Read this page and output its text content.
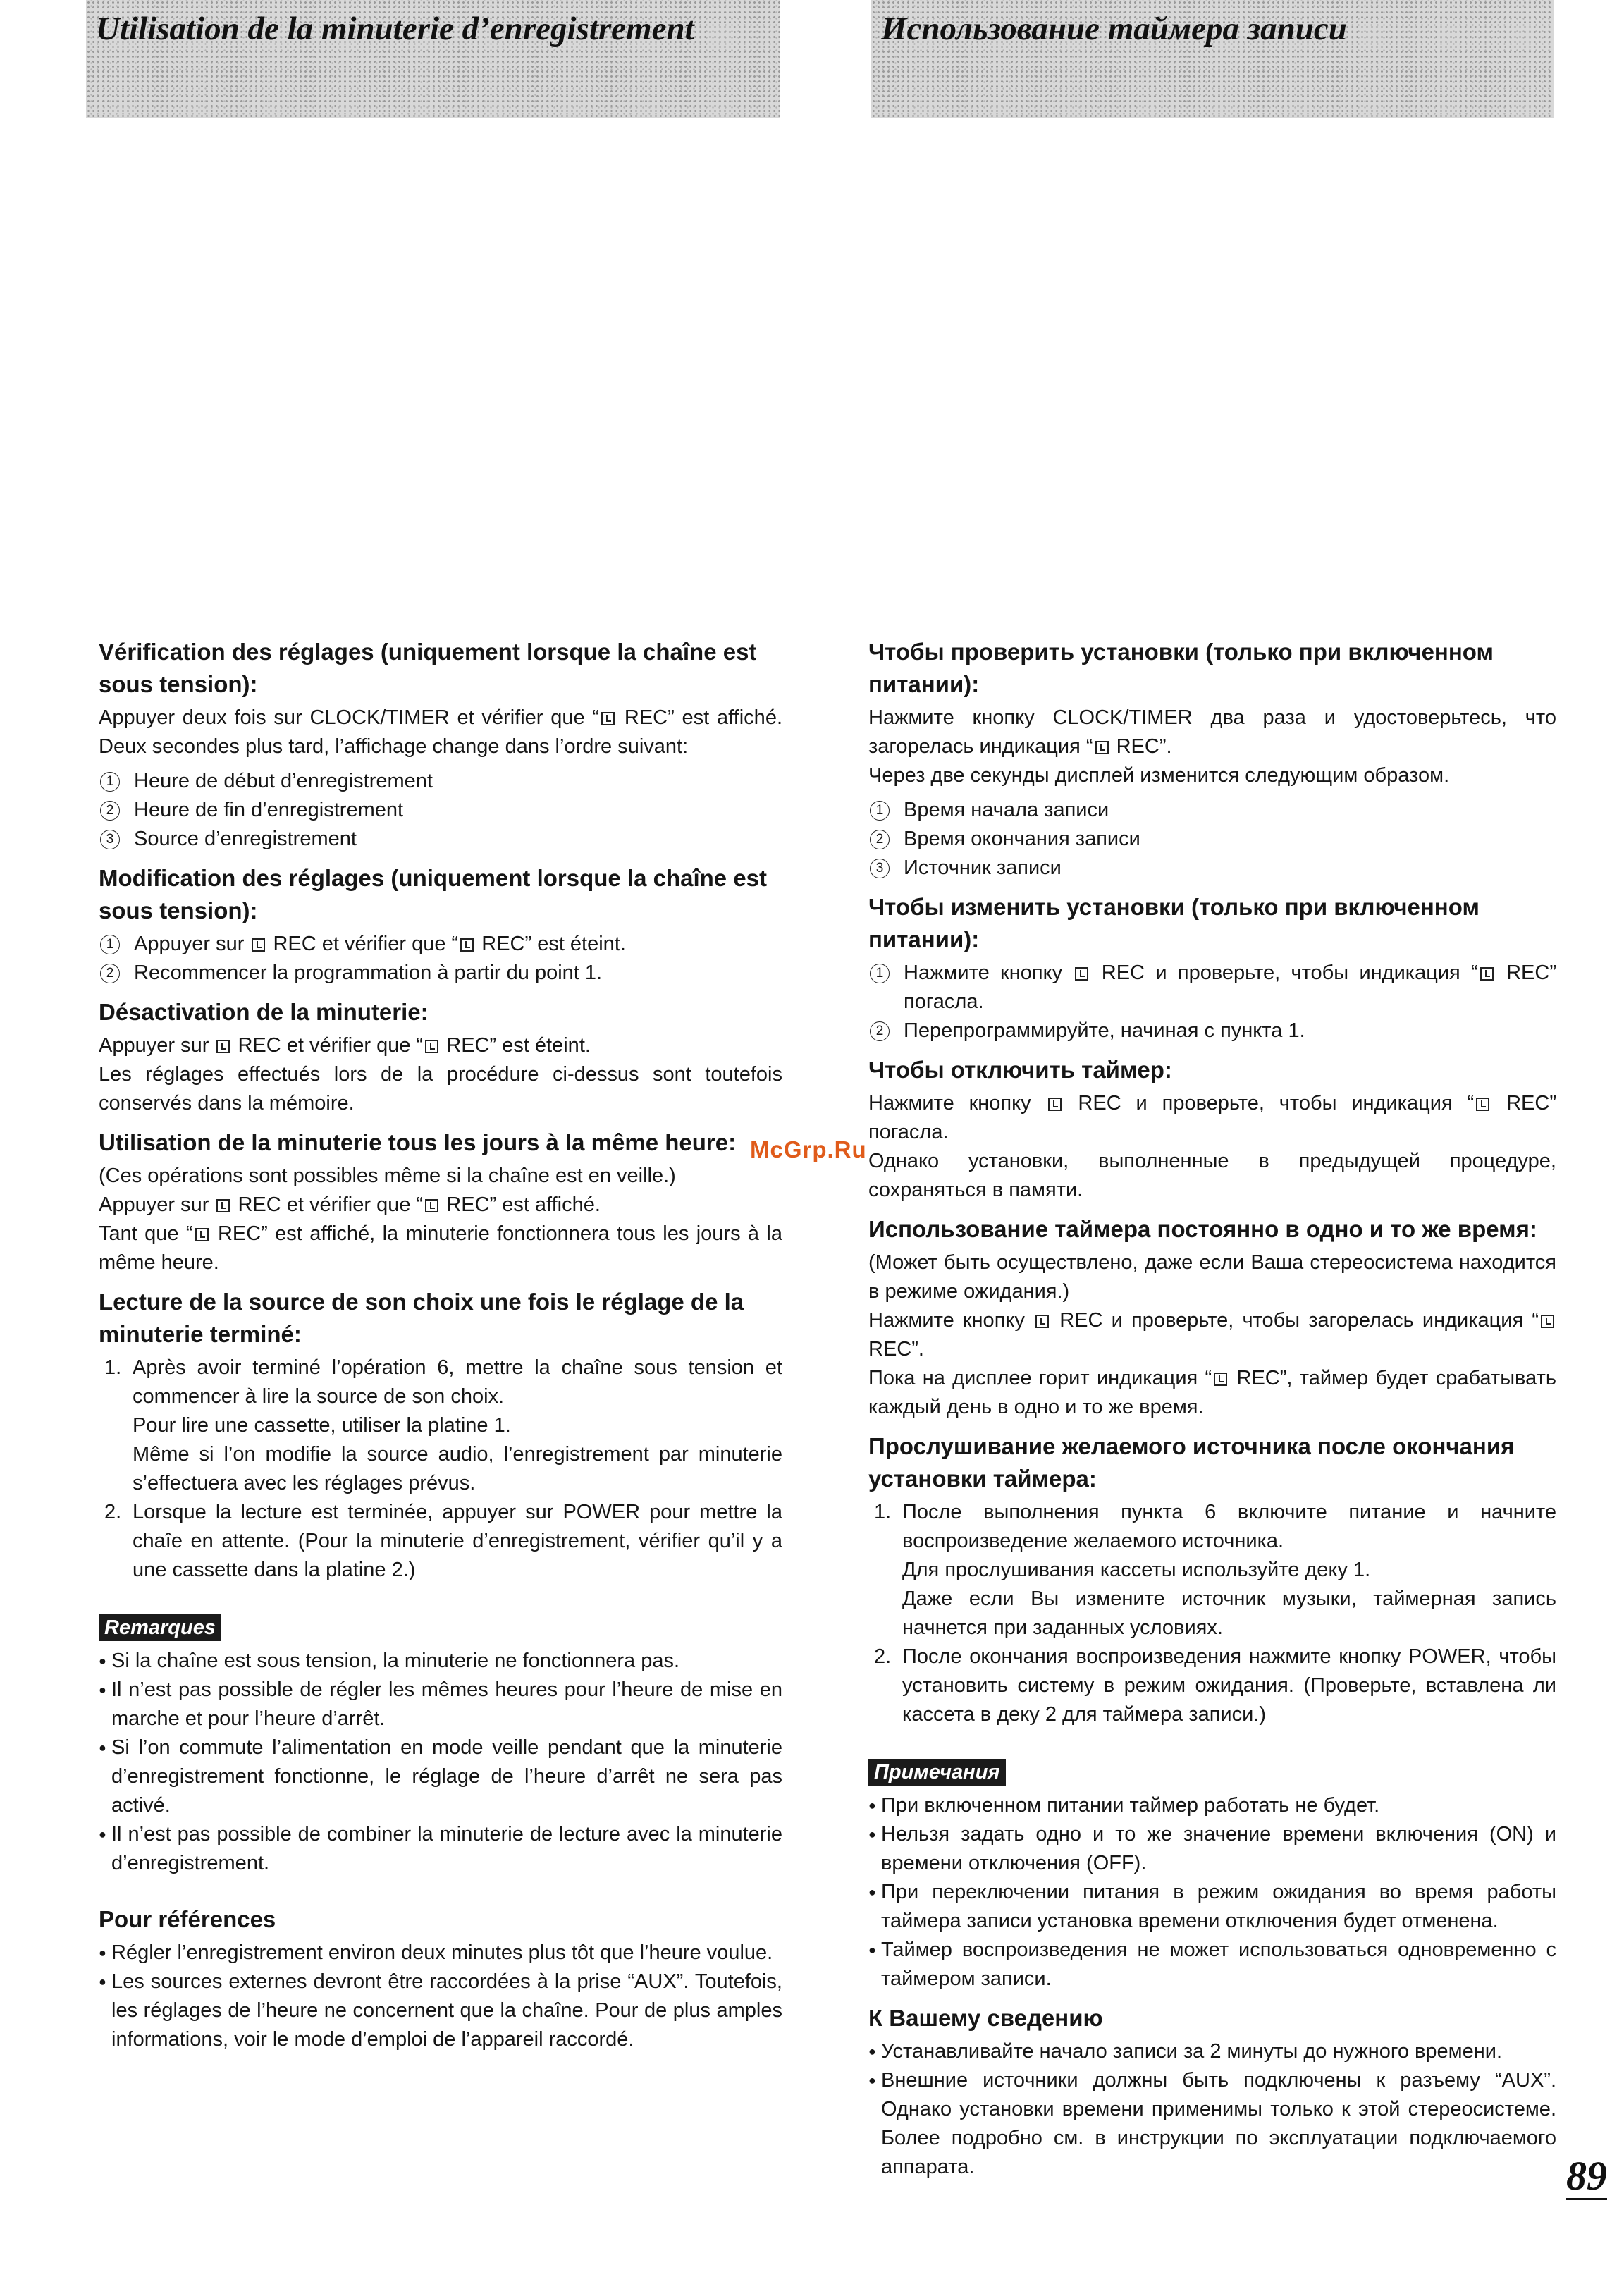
Utilisation de la minuterie d’enregistrement	Использование таймера записи
Vérification des réglages (uniquement lorsque la chaîne est sous tension):

Appuyer deux fois sur CLOCK/TIMER et vérifier que “ REC” est affiché. Deux secondes plus tard, l’affichage change dans l’ordre suivant:

1 Heure de début d’enregistrement
2 Heure de fin d’enregistrement
3 Source d’enregistrement
Modification des réglages (uniquement lorsque la chaîne est sous tension):
1 Appuyer sur  REC et vérifier que “ REC” est éteint.
2 Recommencer la programmation à partir du point 1.
Désactivation de la minuterie:

Appuyer sur  REC et vérifier que “ REC” est éteint.
Les réglages effectués lors de la procédure ci-dessus sont toutefois conservés dans la mémoire.

Utilisation de la minuterie tous les jours à la même heure:

(Ces opérations sont possibles même si la chaîne est en veille.)
Appuyer sur  REC et vérifier que “ REC” est affiché.
Tant que “ REC” est affiché, la minuterie fonctionnera tous les jours à la même heure.

Lecture de la source de son choix une fois le réglage de la minuterie terminé:
1. Après avoir terminé l’opération 6, mettre la chaîne sous tension et commencer à lire la source de son choix.
Pour lire une cassette, utiliser la platine 1.
Même si l’on modifie la source audio, l’enregistrement par minuterie s’effectuera avec les réglages prévus.
2. Lorsque la lecture est terminée, appuyer sur POWER pour mettre la chaîe en attente. (Pour la minuterie d’enregistrement, vérifier qu’il y a une cassette dans la platine 2.)
Remarques
● Si la chaîne est sous tension, la minuterie ne fonctionnera pas.
● Il n’est pas possible de régler les mêmes heures pour l’heure de mise en marche et pour l’heure d’arrêt.
● Si l’on commute l’alimentation en mode veille pendant que la minuterie d’enregistrement fonctionne, le réglage de l’heure d’arrêt ne sera pas activé.
● Il n’est pas possible de combiner la minuterie de lecture avec la minuterie d’enregistrement.
Pour références
● Régler l’enregistrement environ deux minutes plus tôt que l’heure voulue.
● Les sources externes devront être raccordées à la prise “AUX”. Toutefois, les réglages de l’heure ne concernent que la chaîne. Pour de plus amples informations, voir le mode d’emploi de l’appareil raccordé.
Чтобы проверить установки (только при включенном питании):

Нажмите кнопку CLOCK/TIMER два раза и удостоверьтесь, что загорелась индикация “ REC”.
Через две секунды дисплей изменится следующим образом.

1 Время начала записи
2 Время окончания записи
3 Источник записи
Чтобы изменить установки (только при включенном питании):
1 Нажмите кнопку  REC и проверьте, чтобы индикация “ REC” погасла.
2 Перепрограммируйте, начиная с пункта 1.
Чтобы отключить таймер:

Нажмите кнопку  REC и проверьте, чтобы индикация “ REC” погасла.
Однако установки, выполненные в предыдущей процедуре, сохраняться в памяти.

Использование таймера постоянно в одно и то же время:

(Может быть осуществлено, даже если Ваша стереосистема находится в режиме ожидания.)
Нажмите кнопку  REC и проверьте, чтобы загорелась индикация “ REC”.
Пока на дисплее горит индикация “ REC”, таймер будет срабатывать каждый день в одно и то же время.

Прослушивание желаемого источника после окончания установки таймера:
1. После выполнения пункта 6 включите питание и начните воспроизведение желаемого источника.
Для прослушивания кассеты используйте деку 1.
Даже если Вы измените источник музыки, таймерная запись начнется при заданных условиях.
2. После окончания воспроизведения нажмите кнопку POWER, чтобы установить систему в режим ожидания. (Проверьте, вставлена ли кассета в деку 2 для таймера записи.)
Примечания
● При включенном питании таймер работать не будет.
● Нельзя задать одно и то же значение времени включения (ON) и времени отключения (OFF).
● При переключении питания в режим ожидания во время работы таймера записи установка времени отключения будет отменена.
● Таймер воспроизведения не может использоваться одновременно с таймером записи.
К Вашему сведению
● Устанавливайте начало записи за 2 минуты до нужного времени.
● Внешние источники должны быть подключены к разъему “AUX”. Однако установки времени применимы только к этой стереосистеме. Более подробно см. в инструкции по эксплуатации подключаемого аппарата.
McGrp.Ru
89
